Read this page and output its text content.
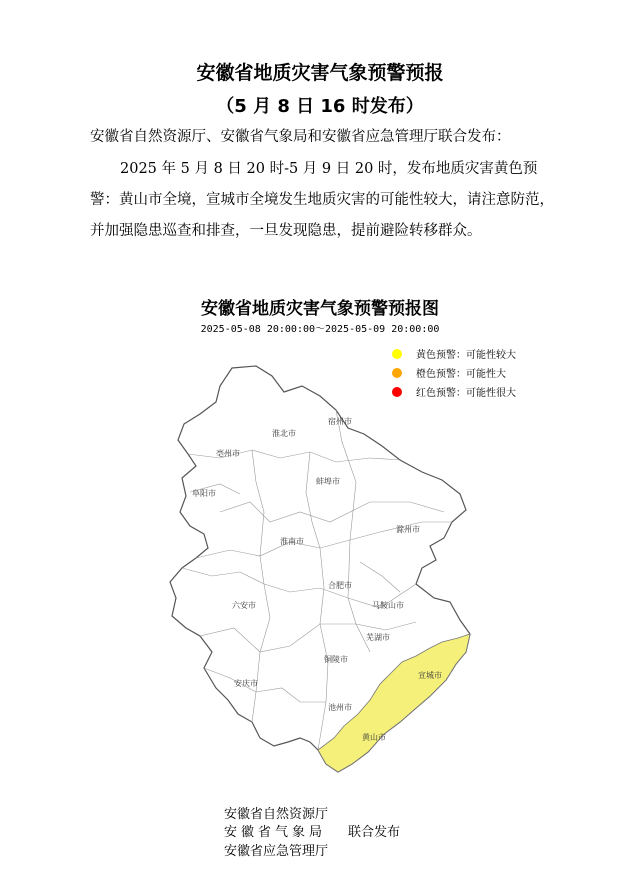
安徽省地质灾害气象预警预报
（5 月 8 日 16 时发布）
安徽省自然资源厅、安徽省气象局和安徽省应急管理厅联合发布：
2025 年 5 月 8 日 20 时-5 月 9 日 20 时，发布地质灾害黄色预警：黄山市全境，宣城市全境发生地质灾害的可能性较大，请注意防范，并加强隐患巡查和排查，一旦发现隐患，提前避险转移群众。
安徽省地质灾害气象预警预报图
2025-05-08 20:00:00～2025-05-09 20:00:00
黄色预警：可能性较大
橙色预警：可能性大
红色预警：可能性很大
宿州市
淮北市
亳州市
阜阳市
蚌埠市
淮南市
滁州市
六安市
合肥市
马鞍山市
芜湖市
铜陵市
安庆市
池州市
宣城市
黄山市
安徽省自然资源厅
安徽省气象局
安徽省应急管理厅
联合发布
